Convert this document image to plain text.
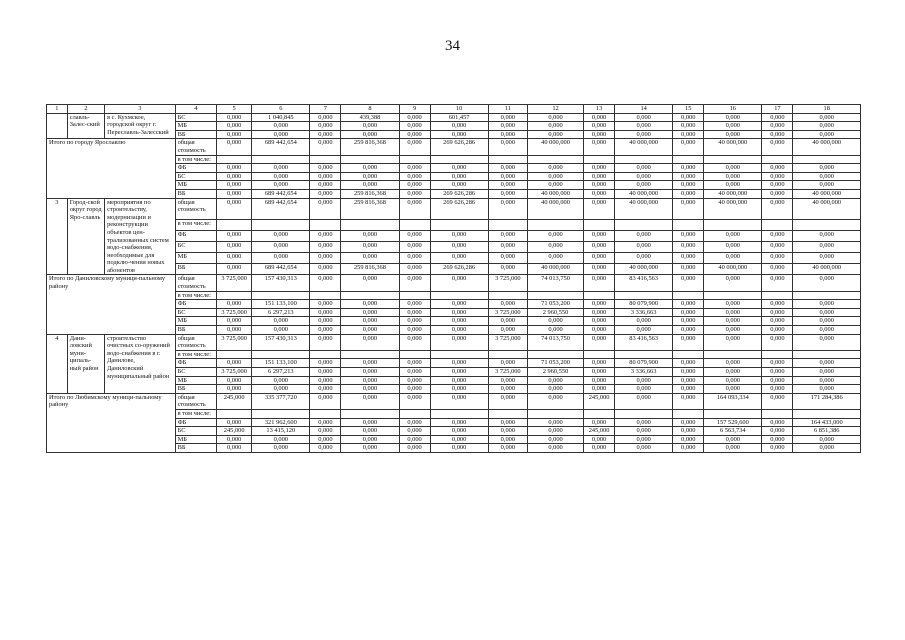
34
1	2	3	4	5	6	7	8	9	10	11	12	13	14	15	16	17	18
	славль-Залес-ский	в с. Кухмское, городской округ г. Переславль-Залесский	БС	0,000	1 040,845	0,000	439,388	0,000	601,457	0,000	0,000	0,000	0,000	0,000	0,000	0,000	0,000
			МБ	0,000	0,000	0,000	0,000	0,000	0,000	0,000	0,000	0,000	0,000	0,000	0,000	0,000	0,000
			ВБ	0,000	0,000	0,000	0,000	0,000	0,000	0,000	0,000	0,000	0,000	0,000	0,000	0,000	0,000
Итого по городу Ярославлю			общая стоимость	0,000	689 442,654	0,000	259 816,368	0,000	269 626,286	0,000	40 000,000	0,000	40 000,000	0,000	40 000,000	0,000	40 000,000
			в том числе:														
			ФБ	0,000	0,000	0,000	0,000	0,000	0,000	0,000	0,000	0,000	0,000	0,000	0,000	0,000	0,000
			БС	0,000	0,000	0,000	0,000	0,000	0,000	0,000	0,000	0,000	0,000	0,000	0,000	0,000	0,000
			МБ	0,000	0,000	0,000	0,000	0,000	0,000	0,000	0,000	0,000	0,000	0,000	0,000	0,000	0,000
			ВБ	0,000	689 442,654	0,000	259 816,368	0,000	269 626,286	0,000	40 000,000	0,000	40 000,000	0,000	40 000,000	0,000	40 000,000
3	Город-ской округ город Яро-славль	мероприятия по строительству, модернизации и реконструкции объектов цен-трализованных систем водо-снабжения, необходимые для подклю-чения новых абонентов	общая стоимость	0,000	689 442,654	0,000	259 816,368	0,000	269 626,286	0,000	40 000,000	0,000	40 000,000	0,000	40 000,000	0,000	40 000,000
			в том числе:														
			ФБ	0,000	0,000	0,000	0,000	0,000	0,000	0,000	0,000	0,000	0,000	0,000	0,000	0,000	0,000
			БС	0,000	0,000	0,000	0,000	0,000	0,000	0,000	0,000	0,000	0,000	0,000	0,000	0,000	0,000
			МБ	0,000	0,000	0,000	0,000	0,000	0,000	0,000	0,000	0,000	0,000	0,000	0,000	0,000	0,000
			ВБ	0,000	689 442,654	0,000	259 816,368	0,000	269 626,286	0,000	40 000,000	0,000	40 000,000	0,000	40 000,000	0,000	40 000,000
Итого по Даниловскому муници-пальному району			общая стоимость	3 725,000	157 430,313	0,000	0,000	0,000	0,000	3 725,000	74 013,750	0,000	83 416,563	0,000	0,000	0,000	0,000
			в том числе:														
			ФБ	0,000	151 133,100	0,000	0,000	0,000	0,000	0,000	71 053,200	0,000	80 079,900	0,000	0,000	0,000	0,000
			БС	3 725,000	6 297,213	0,000	0,000	0,000	0,000	3 725,000	2 960,550	0,000	3 336,663	0,000	0,000	0,000	0,000
			МБ	0,000	0,000	0,000	0,000	0,000	0,000	0,000	0,000	0,000	0,000	0,000	0,000	0,000	0,000
			ВБ	0,000	0,000	0,000	0,000	0,000	0,000	0,000	0,000	0,000	0,000	0,000	0,000	0,000	0,000
4	Дани-ловский муни-ципаль-ный район	строительство очистных со-оружений водо-снабжения в г. Данилове, Даниловский муниципальный район	общая стоимость	3 725,000	157 430,313	0,000	0,000	0,000	0,000	3 725,000	74 013,750	0,000	83 416,563	0,000	0,000	0,000	0,000
			в том числе:														
			ФБ	0,000	151 133,100	0,000	0,000	0,000	0,000	0,000	71 053,200	0,000	80 079,900	0,000	0,000	0,000	0,000
			БС	3 725,000	6 297,213	0,000	0,000	0,000	0,000	3 725,000	2 960,550	0,000	3 336,663	0,000	0,000	0,000	0,000
			МБ	0,000	0,000	0,000	0,000	0,000	0,000	0,000	0,000	0,000	0,000	0,000	0,000	0,000	0,000
			ВБ	0,000	0,000	0,000	0,000	0,000	0,000	0,000	0,000	0,000	0,000	0,000	0,000	0,000	0,000
Итого по Любимскому муници-пальному району			общая стоимость	245,000	335 377,720	0,000	0,000	0,000	0,000	0,000	0,000	245,000	0,000	0,000	164 093,334	0,000	171 284,386
			в том числе:														
			ФБ	0,000	321 962,600	0,000	0,000	0,000	0,000	0,000	0,000	0,000	0,000	0,000	157 529,600	0,000	164 433,000
			БС	245,000	13 415,120	0,000	0,000	0,000	0,000	0,000	0,000	245,000	0,000	0,000	6 563,734	0,000	6 851,386
			МБ	0,000	0,000	0,000	0,000	0,000	0,000	0,000	0,000	0,000	0,000	0,000	0,000	0,000	0,000
			ВБ	0,000	0,000	0,000	0,000	0,000	0,000	0,000	0,000	0,000	0,000	0,000	0,000	0,000	0,000
